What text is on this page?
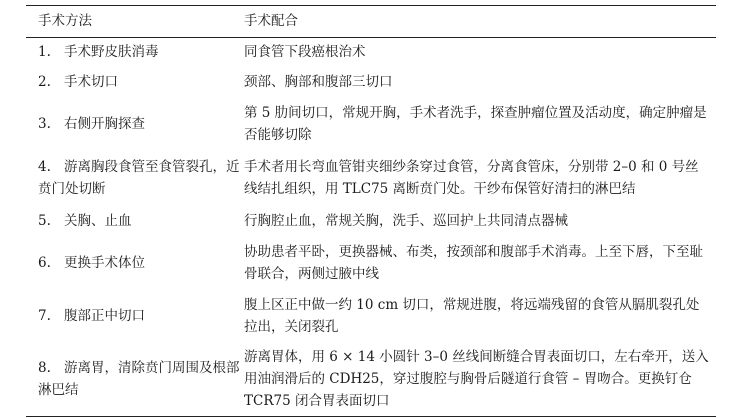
手术方法	手术配合
1. 手术野皮肤消毒	同食管下段癌根治术
2. 手术切口	颈部、胸部和腹部三切口
3. 右侧开胸探查	第 5 肋间切口，常规开胸，手术者洗手，探查肿瘤位置及活动度，确定肿瘤是否能够切除
4. 游离胸段食管至食管裂孔，近贲门处切断	手术者用长弯血管钳夹细纱条穿过食管，分离食管床，分别带 2–0 和 0 号丝线结扎组织，用 TLC75 离断贲门处。干纱布保管好清扫的淋巴结
5. 关胸、止血	行胸腔止血，常规关胸，洗手、巡回护上共同清点器械
6. 更换手术体位	协助患者平卧，更换器械、布类，按颈部和腹部手术消毒。上至下唇，下至耻骨联合，两侧过腋中线
7. 腹部正中切口	腹上区正中做一约 10 cm 切口，常规进腹，将远端残留的食管从膈肌裂孔处拉出，关闭裂孔
8. 游离胃，清除贲门周围及根部淋巴结	游离胃体，用 6 × 14 小圆针 3–0 丝线间断缝合胃表面切口，左右牵开，送入用油润滑后的 CDH25，穿过腹腔与胸骨后隧道行食管 – 胃吻合。更换钉仓 TCR75 闭合胃表面切口
